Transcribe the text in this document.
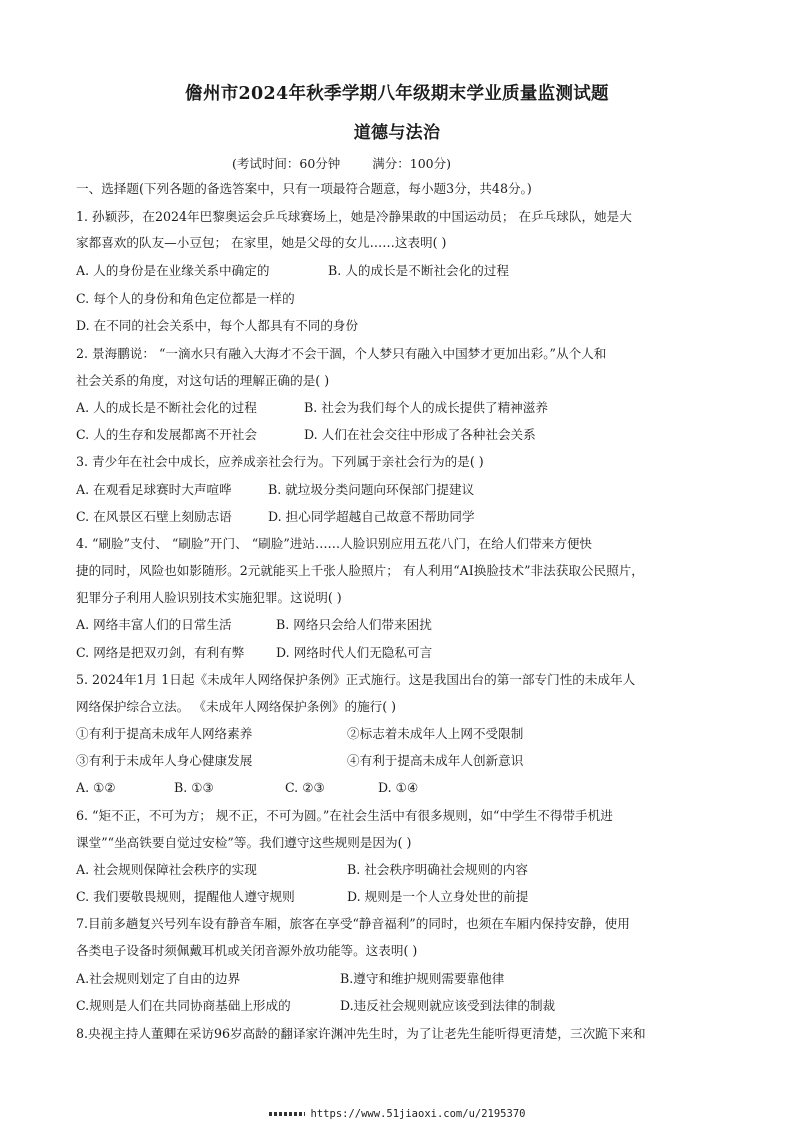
儋州市2024年秋季学期八年级期末学业质量监测试题
道德与法治
(考试时间：60分钟	满分：100分)
一、选择题(下列各题的备选答案中，只有一项最符合题意，每小题3分，共48分。)
1. 孙颖莎，在2024年巴黎奥运会乒乓球赛场上，她是冷静果敢的中国运动员； 在乒乓球队，她是大
家都喜欢的队友—小豆包； 在家里，她是父母的女儿……这表明( )
A. 人的身份是在业缘关系中确定的	B. 人的成长是不断社会化的过程
C. 每个人的身份和角色定位都是一样的
D. 在不同的社会关系中，每个人都具有不同的身份
2. 景海鹏说： “一滴水只有融入大海才不会干涸，个人梦只有融入中国梦才更加出彩。”从个人和
社会关系的角度，对这句话的理解正确的是( )
A. 人的成长是不断社会化的过程	B. 社会为我们每个人的成长提供了精神滋养
C. 人的生存和发展都离不开社会	D. 人们在社会交往中形成了各种社会关系
3. 青少年在社会中成长，应养成亲社会行为。下列属于亲社会行为的是( )
A. 在观看足球赛时大声喧哗	B. 就垃圾分类问题向环保部门提建议
C. 在风景区石壁上刻励志语	D. 担心同学超越自己故意不帮助同学
4. “刷脸”支付、 “刷脸”开门、 “刷脸”进站……人脸识别应用五花八门，在给人们带来方便快
捷的同时，风险也如影随形。2元就能买上千张人脸照片； 有人利用“AI换脸技术”非法获取公民照片，
犯罪分子利用人脸识别技术实施犯罪。这说明( )
A. 网络丰富人们的日常生活	B. 网络只会给人们带来困扰
C. 网络是把双刃剑，有利有弊	D. 网络时代人们无隐私可言
5. 2024年1月 1日起《未成年人网络保护条例》正式施行。这是我国出台的第一部专门性的未成年人
网络保护综合立法。 《未成年人网络保护条例》的施行( )
①有利于提高未成年人网络素养	②标志着未成年人上网不受限制
③有利于未成年人身心健康发展	④有利于提高未成年人创新意识
A. ①②	B. ①③	C. ②③	D. ①④
6. “矩不正，不可为方； 规不正，不可为圆。”在社会生活中有很多规则，如“中学生不得带手机进
课堂”“坐高铁要自觉过安检”等。我们遵守这些规则是因为( )
A. 社会规则保障社会秩序的实现	B. 社会秩序明确社会规则的内容
C. 我们要敬畏规则，提醒他人遵守规则	D. 规则是一个人立身处世的前提
7.目前多趟复兴号列车设有静音车厢，旅客在享受“静音福利”的同时，也须在车厢内保持安静，使用
各类电子设备时须佩戴耳机或关闭音源外放功能等。这表明( )
A.社会规则划定了自由的边界	B.遵守和维护规则需要靠他律
C.规则是人们在共同协商基础上形成的	D.违反社会规则就应该受到法律的制裁
8.央视主持人董卿在采访96岁高龄的翻译家许渊冲先生时，为了让老先生能听得更清楚，三次跪下来和
https://www.51jiaoxi.com/u/2195370
